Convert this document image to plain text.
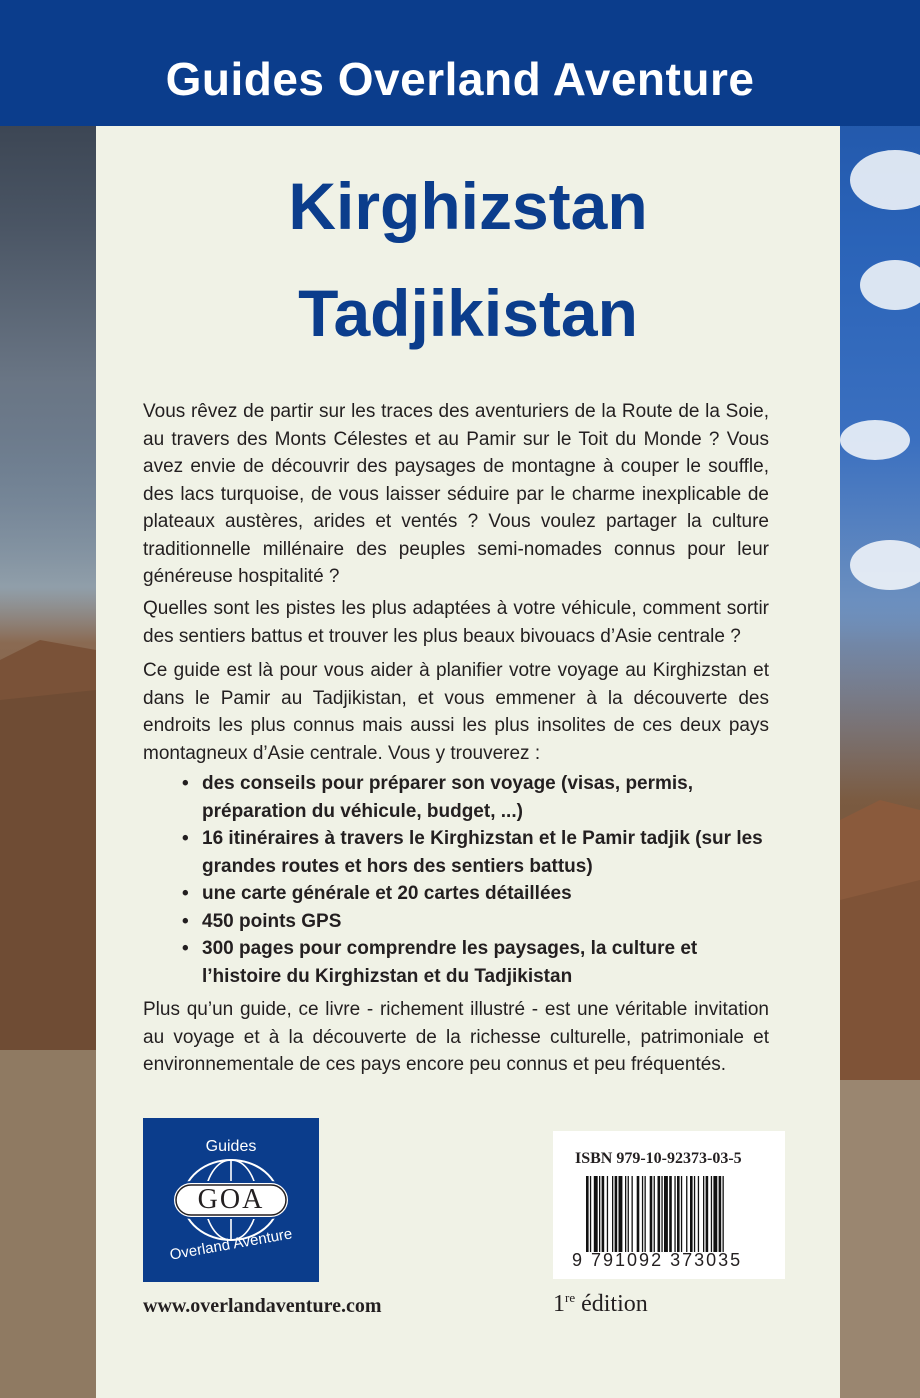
Guides Overland Aventure
Kirghizstan
Tadjikistan

Vous rêvez de partir sur les traces des aventuriers de la Route de la Soie, au travers des Monts Célestes et au Pamir sur le Toit du Monde ? Vous avez envie de découvrir des paysages de montagne à couper le souffle, des lacs turquoise, de vous laisser séduire par le charme inexplicable de plateaux austères, arides et ventés ? Vous voulez partager la culture traditionnelle millénaire des peuples semi-nomades connus pour leur généreuse hospitalité ?

Quelles sont les pistes les plus adaptées à votre véhicule, comment sortir des sentiers battus et trouver les plus beaux bivouacs d’Asie centrale ?

Ce guide est là pour vous aider à planifier votre voyage au Kirghizstan et dans le Pamir au Tadjikistan, et vous emmener à la découverte des endroits les plus connus mais aussi les plus insolites de ces deux pays montagneux d’Asie centrale. Vous y trouverez :

• des conseils pour préparer son voyage (visas, permis, préparation du véhicule, budget, ...)
• 16 itinéraires à travers le Kirghizstan et le Pamir tadjik (sur les grandes routes et hors des sentiers battus)
• une carte générale et 20 cartes détaillées
• 450 points GPS
• 300 pages pour comprendre les paysages, la culture et l’histoire du Kirghizstan et du Tadjikistan

Plus qu’un guide, ce livre - richement illustré - est une véritable invitation au voyage et à la découverte de la richesse culturelle, patrimoniale et environnementale de ces pays encore peu connus et peu fréquentés.

Guides
GOA
Overland Aventure
www.overlandaventure.com
ISBN 979-10-92373-03-5
9 791092 373035
1re édition
